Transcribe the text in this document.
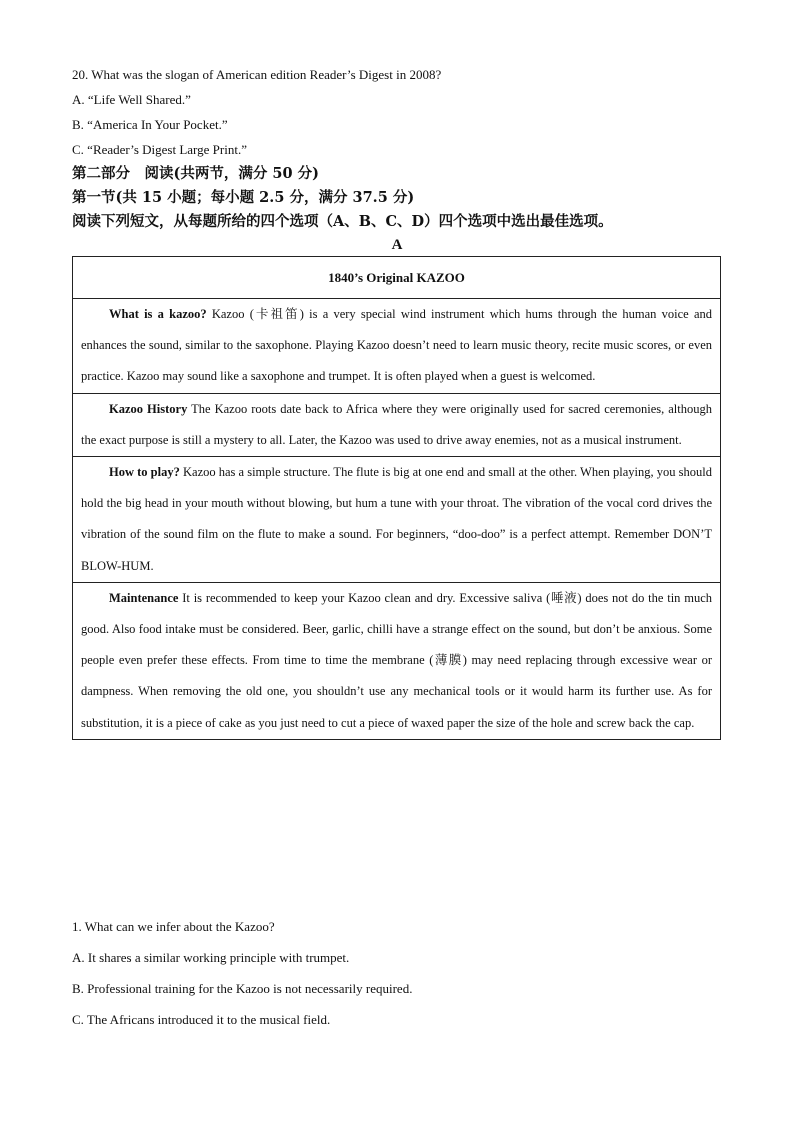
20. What was the slogan of American edition Reader’s Digest in 2008?
A. “Life Well Shared.”
B. “America In Your Pocket.”
C. “Reader’s Digest Large Print.”
第二部分　阅读(共两节，满分 50 分)
第一节(共 15 小题；每小题 2.5 分，满分 37.5 分)
阅读下列短文，从每题所给的四个选项（A、B、C、D）四个选项中选出最佳选项。
A
1840’s Original KAZOO

What is a kazoo? Kazoo (卡祖笛) is a very special wind instrument which hums through the human voice and enhances the sound, similar to the saxophone. Playing Kazoo doesn’t need to learn music theory, recite music scores, or even practice. Kazoo may sound like a saxophone and trumpet. It is often played when a guest is welcomed.

Kazoo History The Kazoo roots date back to Africa where they were originally used for sacred ceremonies, although the exact purpose is still a mystery to all. Later, the Kazoo was used to drive away enemies, not as a musical instrument.

How to play? Kazoo has a simple structure. The flute is big at one end and small at the other. When playing, you should hold the big head in your mouth without blowing, but hum a tune with your throat. The vibration of the vocal cord drives the vibration of the sound film on the flute to make a sound. For beginners, “doo-doo” is a perfect attempt. Remember DON’T BLOW-HUM.

Maintenance It is recommended to keep your Kazoo clean and dry. Excessive saliva (唾液) does not do the tin much good. Also food intake must be considered. Beer, garlic, chilli have a strange effect on the sound, but don’t be anxious. Some people even prefer these effects. From time to time the membrane (薄膜) may need replacing through excessive wear or dampness. When removing the old one, you shouldn’t use any mechanical tools or it would harm its further use. As for substitution, it is a piece of cake as you just need to cut a piece of waxed paper the size of the hole and screw back the cap.

1. What can we infer about the Kazoo?
A. It shares a similar working principle with trumpet.
B. Professional training for the Kazoo is not necessarily required.
C. The Africans introduced it to the musical field.
